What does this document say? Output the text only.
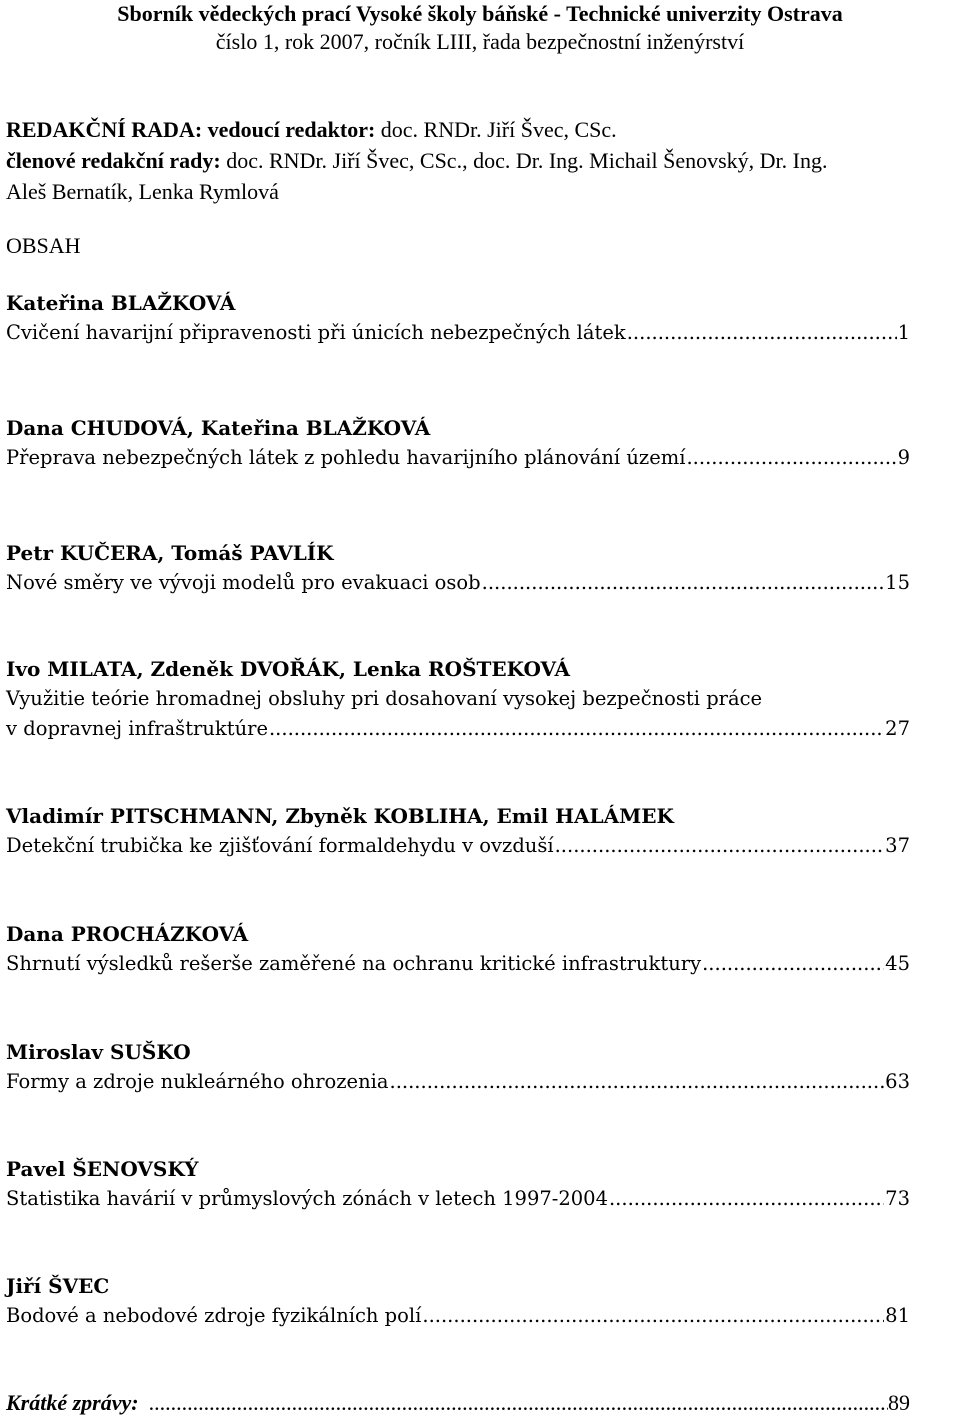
Sborník vědeckých prací Vysoké školy báňské - Technické univerzity Ostrava
číslo 1, rok 2007, ročník LIII, řada bezpečnostní inženýrství
REDAKČNÍ RADA: vedoucí redaktor: doc. RNDr. Jiří Švec, CSc.
členové redakční rady: doc. RNDr. Jiří Švec, CSc., doc. Dr. Ing. Michail Šenovský, Dr. Ing.
Aleš Bernatík, Lenka Rymlová
OBSAH
Kateřina BLAŽKOVÁ
Cvičení havarijní připravenosti při únicích nebezpečných látek .....	1
Dana CHUDOVÁ, Kateřina BLAŽKOVÁ
Přeprava nebezpečných látek z pohledu havarijního plánování území .....	9
Petr KUČERA, Tomáš PAVLÍK
Nové směry ve vývoji modelů pro evakuaci osob .....	15
Ivo MILATA, Zdeněk DVOŘÁK, Lenka ROŠTEKOVÁ
Využitie teórie hromadnej obsluhy pri dosahovaní vysokej bezpečnosti práce
v dopravnej infraštruktúre .....	27
Vladimír PITSCHMANN, Zbyněk KOBLIHA, Emil HALÁMEK
Detekční trubička ke zjišťování formaldehydu v ovzduší .....	37
Dana PROCHÁZKOVÁ
Shrnutí výsledků rešerše zaměřené na ochranu kritické infrastruktury .....	45
Miroslav SUŠKO
Formy a zdroje nukleárného ohrozenia .....	63
Pavel ŠENOVSKÝ
Statistika havárií v průmyslových zónách v letech 1997-2004 .....	73
Jiří ŠVEC
Bodové a nebodové zdroje fyzikálních polí .....	81
Krátké zprávy: .....	89
